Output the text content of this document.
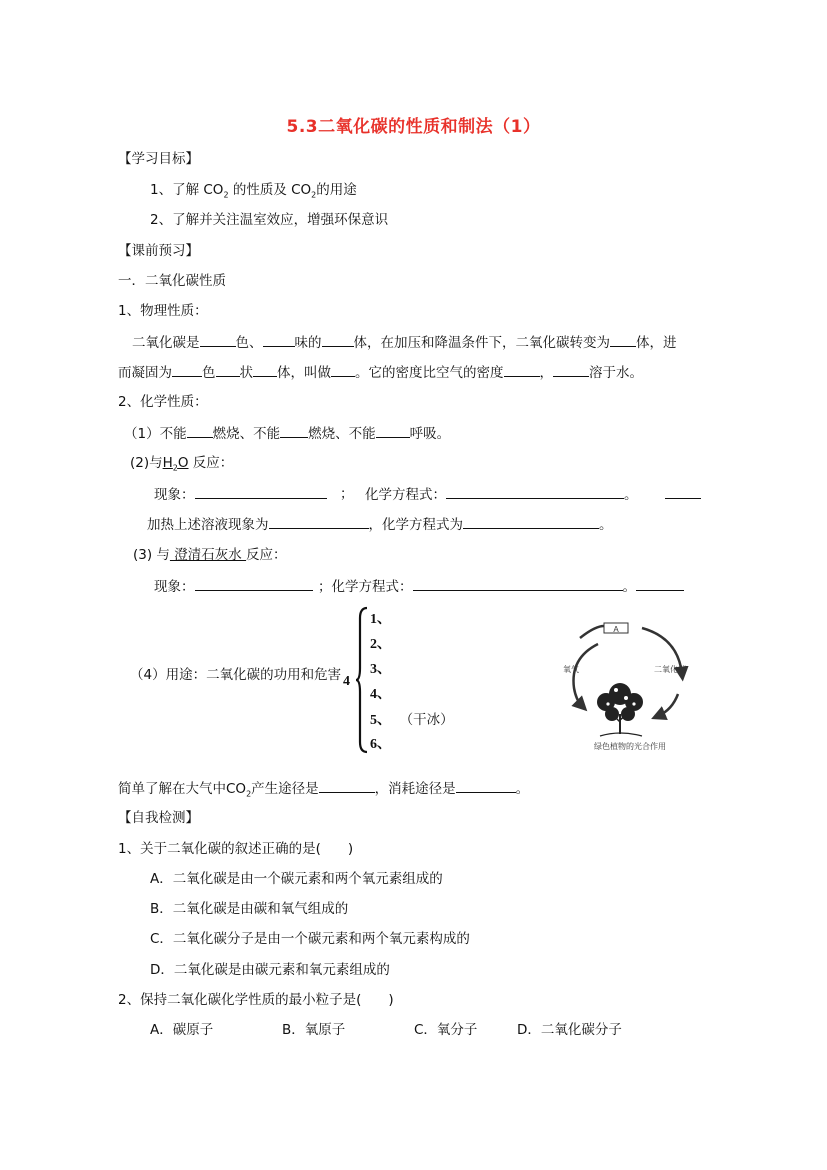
5.3二氧化碳的性质和制法（1）
【学习目标】
1、了解 $CO_2$ 的性质及 $CO_2$的用途
2、了解并关注温室效应，增强环保意识
【课前预习】
一．二氧化碳性质
1、物理性质：
二氧化碳是	色、 味的 体，在加压和降温条件下，二氧化碳转变为 体，进
而凝固为 色 状 体，叫做 。它的密度比空气的密度	，	溶于水。
2、化学性质：
（1）不能 燃烧、不能 燃烧、不能	呼吸。
(2)与$H_2O$ 反应：
现象：	； 化学方程式：	。
加热上述溶液现象为	，化学方程式为	。
(3) 与 澄清石灰水 反应：
现象：	；化学方程式：	。
（4）用途：二氧化碳的功用和危害 4
1、
2、
3、
4、
5、 （干冰）
6、
A
氧气	二氧化碳
绿色植物的光合作用
简单了解在大气中$CO_2$产生途径是	，消耗途径是	。
【自我检测】
1、关于二氧化碳的叙述正确的是(　　)
A．二氧化碳是由一个碳元素和两个氧元素组成的
B．二氧化碳是由碳和氧气组成的
C．二氧化碳分子是由一个碳元素和两个氧元素构成的
D．二氧化碳是由碳元素和氧元素组成的
2、保持二氧化碳化学性质的最小粒子是(　　)
A．碳原子	B．氧原子	C．氧分子	D．二氧化碳分子
